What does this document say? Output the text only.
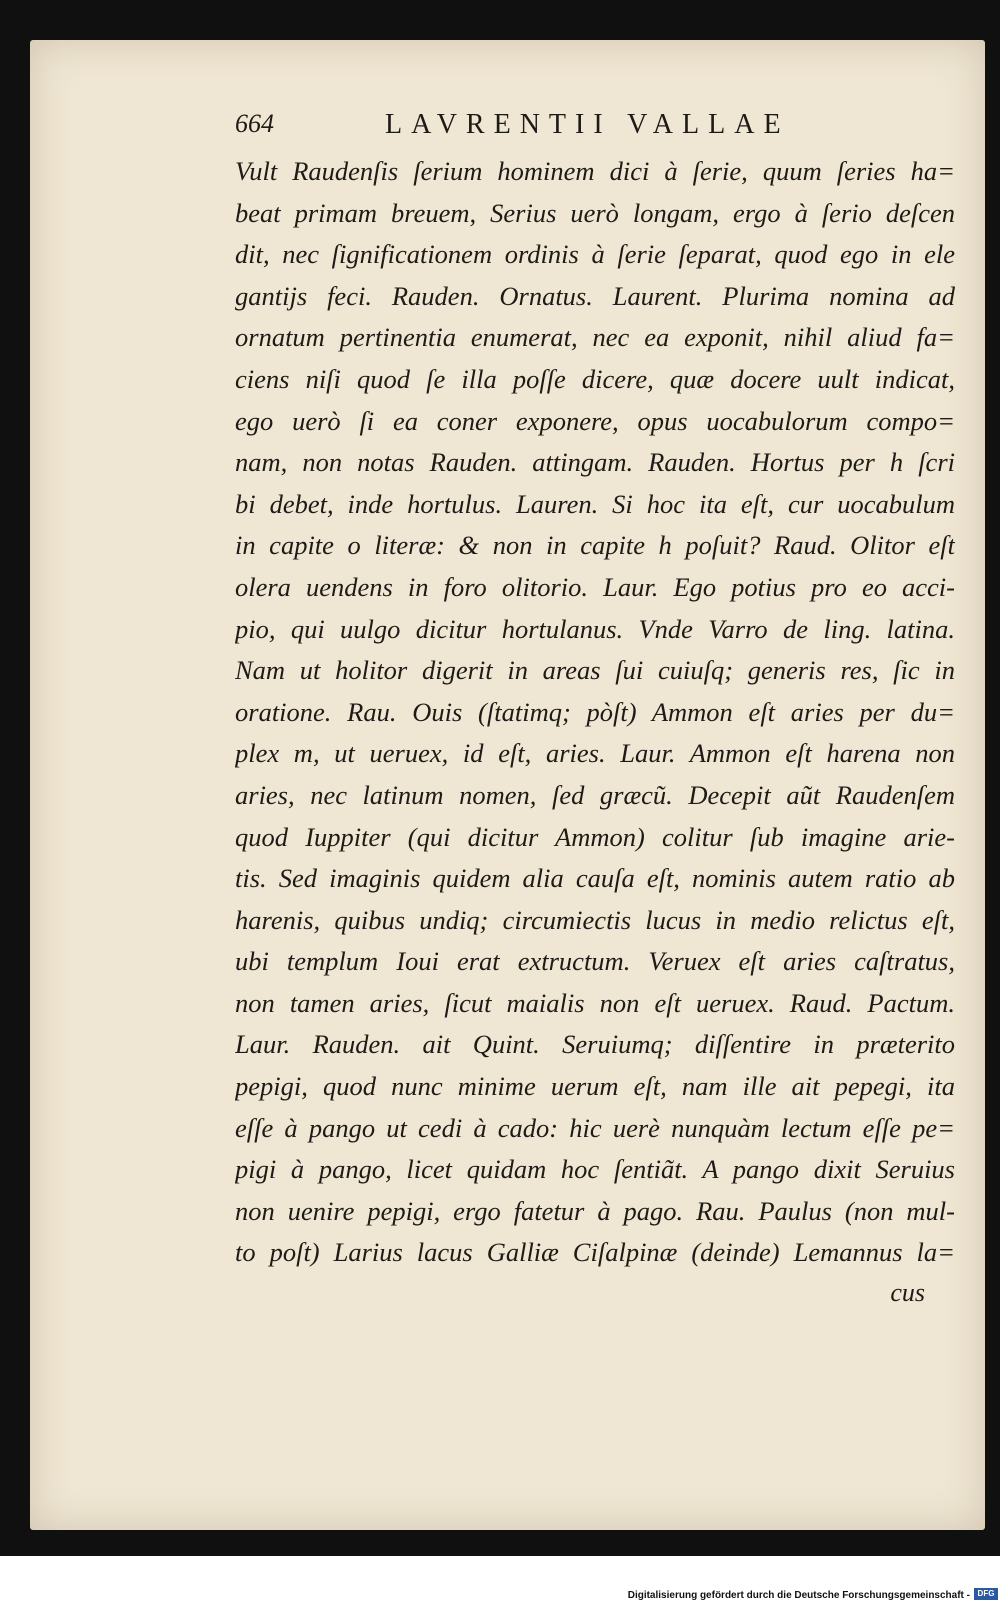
664	LAVRENTII VALLAE
Vult Raudenſis ſerium hominem dici à ſerie, quum ſeries ha=
beat primam breuem, Serius uerò longam, ergo à ſerio deſcen
dit, nec ſignificationem ordinis à ſerie ſeparat, quod ego in ele
gantijs feci. Rauden. Ornatus. Laurent. Plurima nomina ad
ornatum pertinentia enumerat, nec ea exponit, nihil aliud fa=
ciens niſi quod ſe illa poſſe dicere, quæ docere uult indicat,
ego uerò ſi ea coner exponere, opus uocabulorum compo=
nam, non notas Rauden. attingam. Rauden. Hortus per h ſcri
bi debet, inde hortulus. Lauren. Si hoc ita eſt, cur uocabulum
in capite o literæ: & non in capite h poſuit? Raud. Olitor eſt
olera uendens in foro olitorio. Laur. Ego potius pro eo acci-
pio, qui uulgo dicitur hortulanus. Vnde Varro de ling. latina.
Nam ut holitor digerit in areas ſui cuiuſq; generis res, ſic in
oratione. Rau. Ouis (ſtatimq; pòſt) Ammon eſt aries per du=
plex m, ut ueruex, id eſt, aries. Laur. Ammon eſt harena non
aries, nec latinum nomen, ſed græcũ. Decepit aũt Raudenſem
quod Iuppiter (qui dicitur Ammon) colitur ſub imagine arie-
tis. Sed imaginis quidem alia cauſa eſt, nominis autem ratio ab
harenis, quibus undiq; circumiectis lucus in medio relictus eſt,
ubi templum Ioui erat extructum. Veruex eſt aries caſtratus,
non tamen aries, ſicut maialis non eſt ueruex. Raud. Pactum.
Laur. Rauden. ait Quint. Seruiumq; diſſentire in præterito
pepigi, quod nunc minime uerum eſt, nam ille ait pepegi, ita
eſſe à pango ut cedi à cado: hic uerè nunquàm lectum eſſe pe=
pigi à pango, licet quidam hoc ſentiãt. A pango dixit Seruius
non uenire pepigi, ergo fatetur à pago. Rau. Paulus (non mul-
to poſt) Larius lacus Galliæ Ciſalpinæ (deinde) Lemannus la=
cus
Digitalisierung gefördert durch die Deutsche Forschungsgemeinschaft - DFG
